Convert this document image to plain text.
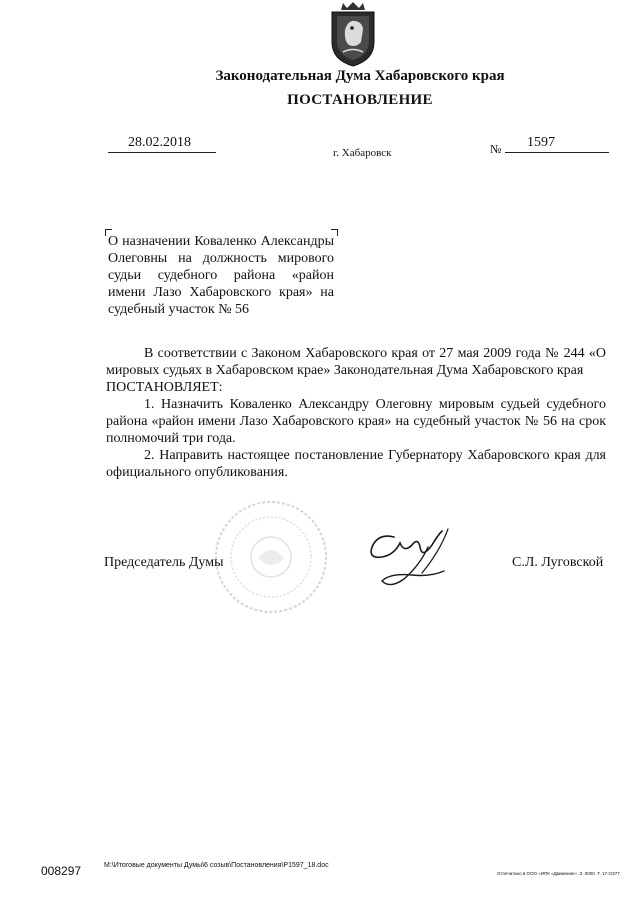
Законодательная Дума Хабаровского края
ПОСТАНОВЛЕНИЕ
28.02.2018
г. Хабаровск	№ 1597
О назначении Коваленко Александры Олеговны на должность мирового судьи судебного района «район имени Лазо Хабаровского края» на судебный участок № 56

В соответствии с Законом Хабаровского края от 27 мая 2009 года № 244 «О мировых судьях в Хабаровском крае» Законодательная Дума Хабаровского края

ПОСТАНОВЛЯЕТ:

1. Назначить Коваленко Александру Олеговну мировым судьей судебного района «район имени Лазо Хабаровского края» на судебный участок № 56 на срок полномочий три года.

2. Направить настоящее постановление Губернатору Хабаровского края для официального опубликования.

Председатель Думы	С.Л. Луговской
008297	M:\Итоговые документы Думы\6 созыв\Постановления\P1597_18.doc
Отпечатано в ООО «ИПК «Движение». З. 0000. Т. 17-ОЗ77.
